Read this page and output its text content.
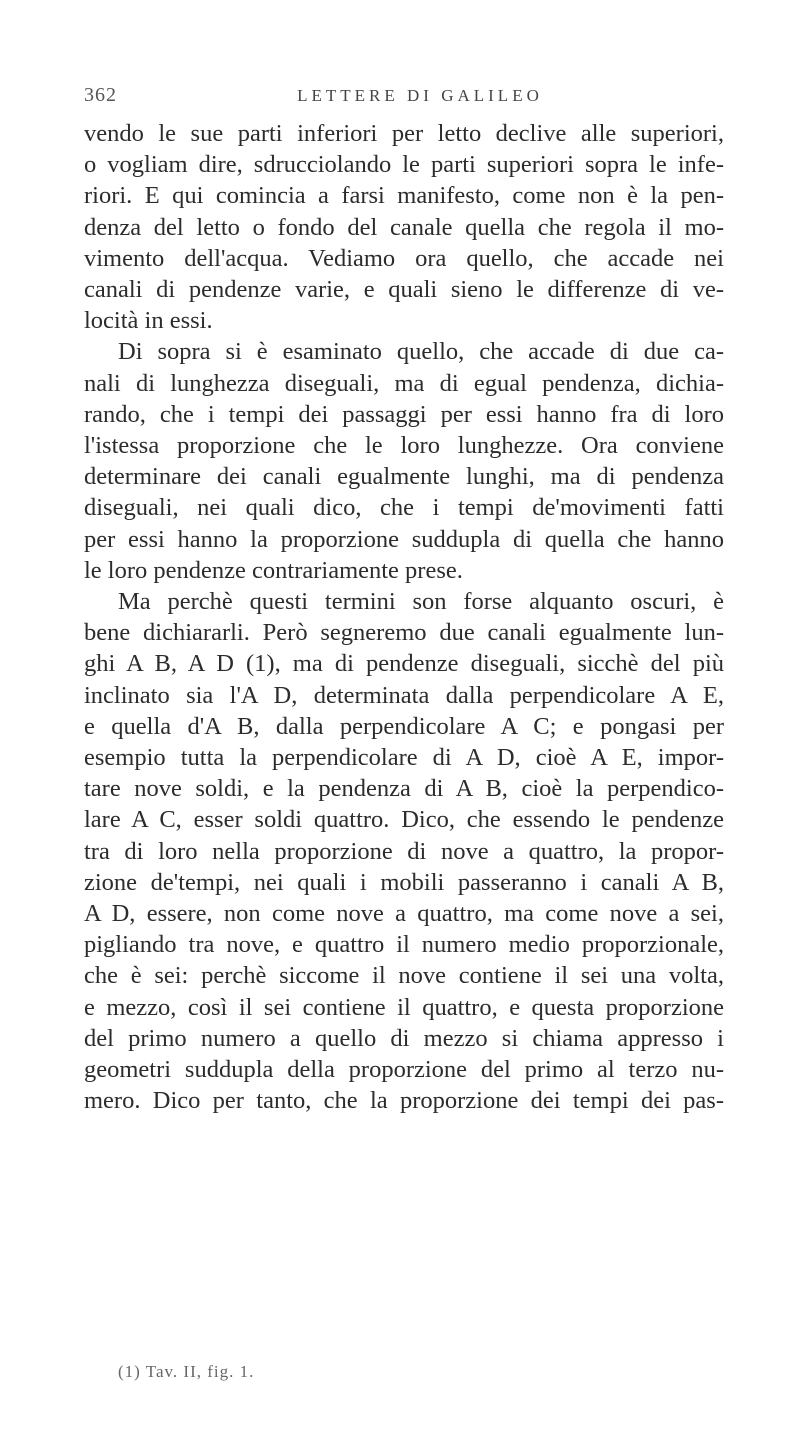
362	LETTERE DI GALILEO
vendo le sue parti inferiori per letto declive alle superiori,
o vogliam dire, sdrucciolando le parti superiori sopra le infe-
riori. E qui comincia a farsi manifesto, come non è la pen-
denza del letto o fondo del canale quella che regola il mo-
vimento dell'acqua. Vediamo ora quello, che accade nei
canali di pendenze varie, e quali sieno le differenze di ve-
locità in essi.
Di sopra si è esaminato quello, che accade di due ca-
nali di lunghezza diseguali, ma di egual pendenza, dichia-
rando, che i tempi dei passaggi per essi hanno fra di loro
l'istessa proporzione che le loro lunghezze. Ora conviene
determinare dei canali egualmente lunghi, ma di pendenza
diseguali, nei quali dico, che i tempi de'movimenti fatti
per essi hanno la proporzione suddupla di quella che hanno
le loro pendenze contrariamente prese.
Ma perchè questi termini son forse alquanto oscuri, è
bene dichiararli. Però segneremo due canali egualmente lun-
ghi A B, A D (1), ma di pendenze diseguali, sicchè del più
inclinato sia l'A D, determinata dalla perpendicolare A E,
e quella d'A B, dalla perpendicolare A C; e pongasi per
esempio tutta la perpendicolare di A D, cioè A E, impor-
tare nove soldi, e la pendenza di A B, cioè la perpendico-
lare A C, esser soldi quattro. Dico, che essendo le pendenze
tra di loro nella proporzione di nove a quattro, la propor-
zione de'tempi, nei quali i mobili passeranno i canali A B,
A D, essere, non come nove a quattro, ma come nove a sei,
pigliando tra nove, e quattro il numero medio proporzionale,
che è sei: perchè siccome il nove contiene il sei una volta,
e mezzo, così il sei contiene il quattro, e questa proporzione
del primo numero a quello di mezzo si chiama appresso i
geometri suddupla della proporzione del primo al terzo nu-
mero. Dico per tanto, che la proporzione dei tempi dei pas-
(1) Tav. II, fig. 1.
